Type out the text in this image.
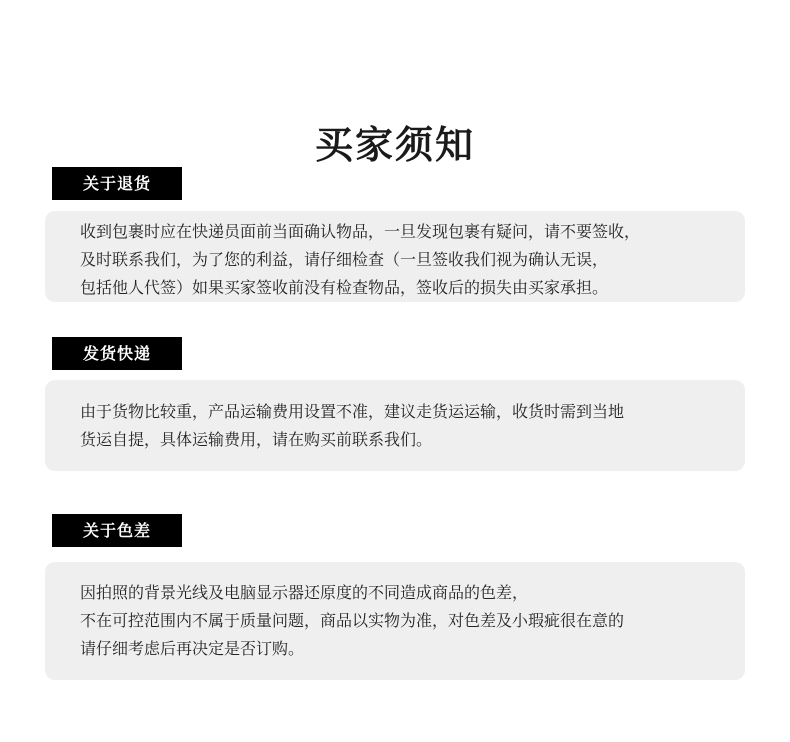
买家须知
关于退货

收到包裹时应在快递员面前当面确认物品，一旦发现包裹有疑问，请不要签收，

及时联系我们，为了您的利益，请仔细检查（一旦签收我们视为确认无误，

包括他人代签）如果买家签收前没有检查物品，签收后的损失由买家承担。

发货快递

由于货物比较重，产品运输费用设置不准，建议走货运运输，收货时需到当地

货运自提，具体运输费用，请在购买前联系我们。

关于色差

因拍照的背景光线及电脑显示器还原度的不同造成商品的色差，

不在可控范围内不属于质量问题，商品以实物为准，对色差及小瑕疵很在意的

请仔细考虑后再决定是否订购。
